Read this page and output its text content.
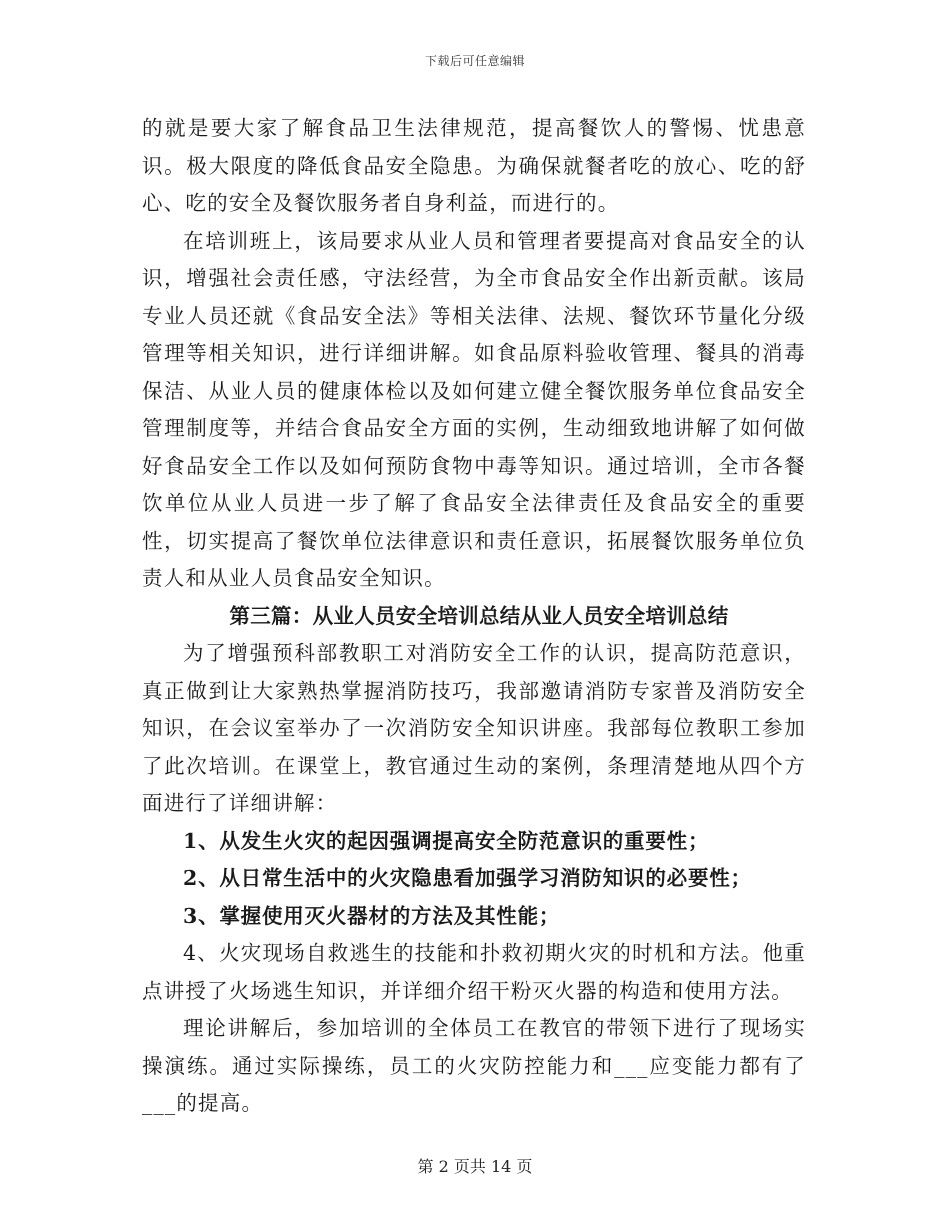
下载后可任意编辑

的就是要大家了解食品卫生法律规范，提高餐饮人的警惕、忧患意识。极大限度的降低食品安全隐患。为确保就餐者吃的放心、吃的舒心、吃的安全及餐饮服务者自身利益，而进行的。

在培训班上，该局要求从业人员和管理者要提高对食品安全的认识，增强社会责任感，守法经营，为全市食品安全作出新贡献。该局专业人员还就《食品安全法》等相关法律、法规、餐饮环节量化分级管理等相关知识，进行详细讲解。如食品原料验收管理、餐具的消毒保洁、从业人员的健康体检以及如何建立健全餐饮服务单位食品安全管理制度等，并结合食品安全方面的实例，生动细致地讲解了如何做好食品安全工作以及如何预防食物中毒等知识。通过培训，全市各餐饮单位从业人员进一步了解了食品安全法律责任及食品安全的重要性，切实提高了餐饮单位法律意识和责任意识，拓展餐饮服务单位负责人和从业人员食品安全知识。

第三篇：从业人员安全培训总结从业人员安全培训总结

为了增强预科部教职工对消防安全工作的认识，提高防范意识，真正做到让大家熟热掌握消防技巧，我部邀请消防专家普及消防安全知识，在会议室举办了一次消防安全知识讲座。我部每位教职工参加了此次培训。在课堂上，教官通过生动的案例，条理清楚地从四个方面进行了详细讲解：

1、从发生火灾的起因强调提高安全防范意识的重要性；

2、从日常生活中的火灾隐患看加强学习消防知识的必要性；

3、掌握使用灭火器材的方法及其性能；

4、火灾现场自救逃生的技能和扑救初期火灾的时机和方法。他重点讲授了火场逃生知识，并详细介绍干粉灭火器的构造和使用方法。

理论讲解后，参加培训的全体员工在教官的带领下进行了现场实操演练。通过实际操练，员工的火灾防控能力和___应变能力都有了___的提高。

第 2 页共 14 页
